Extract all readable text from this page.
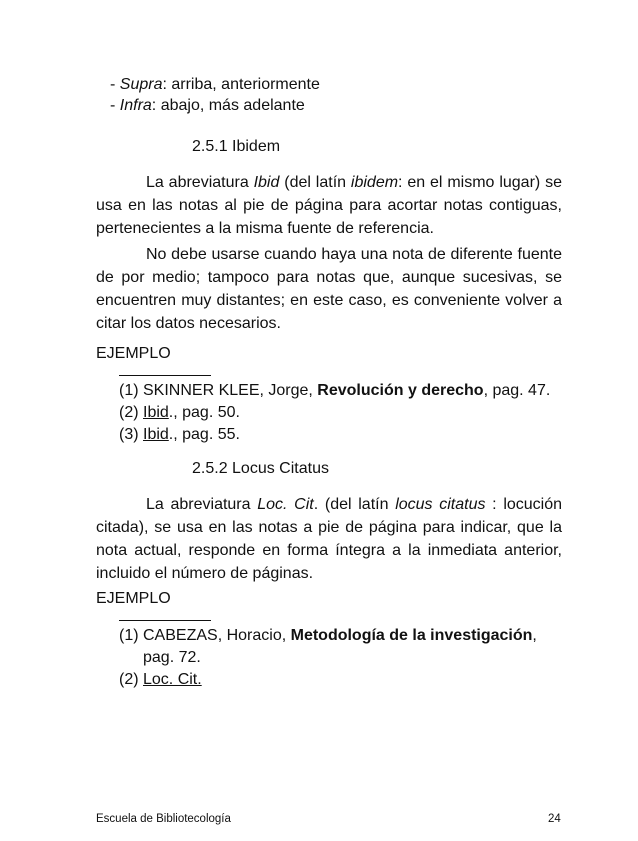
- Supra: arriba, anteriormente
- Infra: abajo, más adelante
2.5.1 Ibidem
La abreviatura Ibid (del latín ibidem: en el mismo lugar) se usa en las notas al pie de página para acortar notas contiguas, pertenecientes a la misma fuente de referencia.
No debe usarse cuando haya una nota de diferente fuente de por medio; tampoco para notas que, aunque sucesivas, se encuentren muy distantes; en este caso, es conveniente volver a citar los datos necesarios.
EJEMPLO
(1) SKINNER KLEE, Jorge, Revolución y derecho, pag. 47.
(2) Ibid., pag. 50.
(3) Ibid., pag. 55.
2.5.2 Locus Citatus
La abreviatura Loc. Cit. (del latín locus citatus : locución citada), se usa en las notas a pie de página para indicar, que la nota actual, responde en forma íntegra a la inmediata anterior, incluido el número de páginas.
EJEMPLO
(1) CABEZAS, Horacio, Metodología de la investigación,
pag. 72.
(2) Loc. Cit.
Escuela de Bibliotecología	24
